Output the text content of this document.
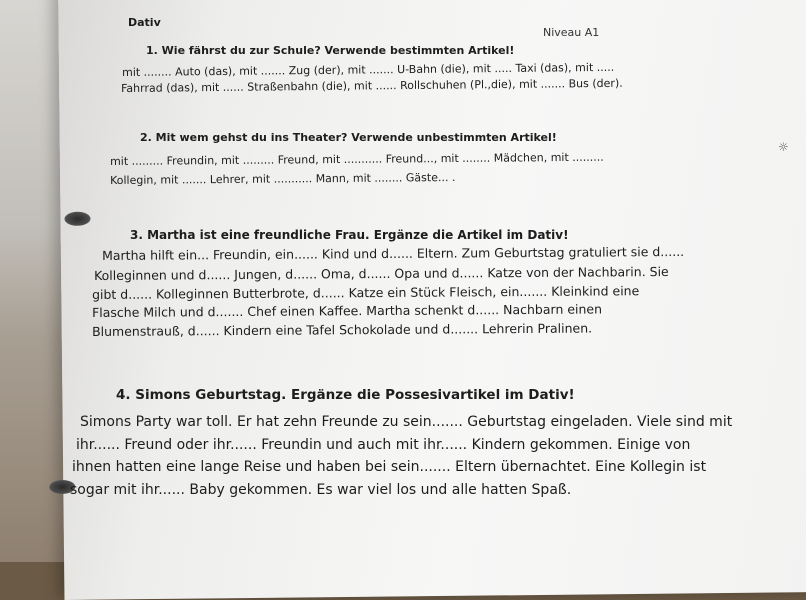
☼
Dativ
Niveau A1
1. Wie fährst du zur Schule? Verwende bestimmten Artikel!
mit ........ Auto (das), mit ....... Zug (der), mit ....... U-Bahn (die), mit ..... Taxi (das), mit .....
Fahrrad (das), mit ...... Straßenbahn (die), mit ...... Rollschuhen (Pl.,die), mit ....... Bus (der).
2. Mit wem gehst du ins Theater? Verwende unbestimmten Artikel!
mit ......... Freundin, mit ......... Freund, mit ........... Freund..., mit ........ Mädchen, mit .........
Kollegin, mit ....... Lehrer, mit ........... Mann, mit ........ Gäste... .
3. Martha ist eine freundliche Frau. Ergänze die Artikel im Dativ!
Martha hilft ein... Freundin, ein...... Kind und d...... Eltern. Zum Geburtstag gratuliert sie d......
Kolleginnen und d...... Jungen, d...... Oma, d...... Opa und d...... Katze von der Nachbarin. Sie
gibt d...... Kolleginnen Butterbrote, d...... Katze ein Stück Fleisch, ein....... Kleinkind eine
Flasche Milch und d....... Chef einen Kaffee. Martha schenkt d...... Nachbarn einen
Blumenstrauß, d...... Kindern eine Tafel Schokolade und d....... Lehrerin Pralinen.
4. Simons Geburtstag. Ergänze die Possesivartikel im Dativ!
Simons Party war toll. Er hat zehn Freunde zu sein....... Geburtstag eingeladen. Viele sind mit
ihr...... Freund oder ihr...... Freundin und auch mit ihr...... Kindern gekommen. Einige von
ihnen hatten eine lange Reise und haben bei sein....... Eltern übernachtet. Eine Kollegin ist
sogar mit ihr...... Baby gekommen. Es war viel los und alle hatten Spaß.
